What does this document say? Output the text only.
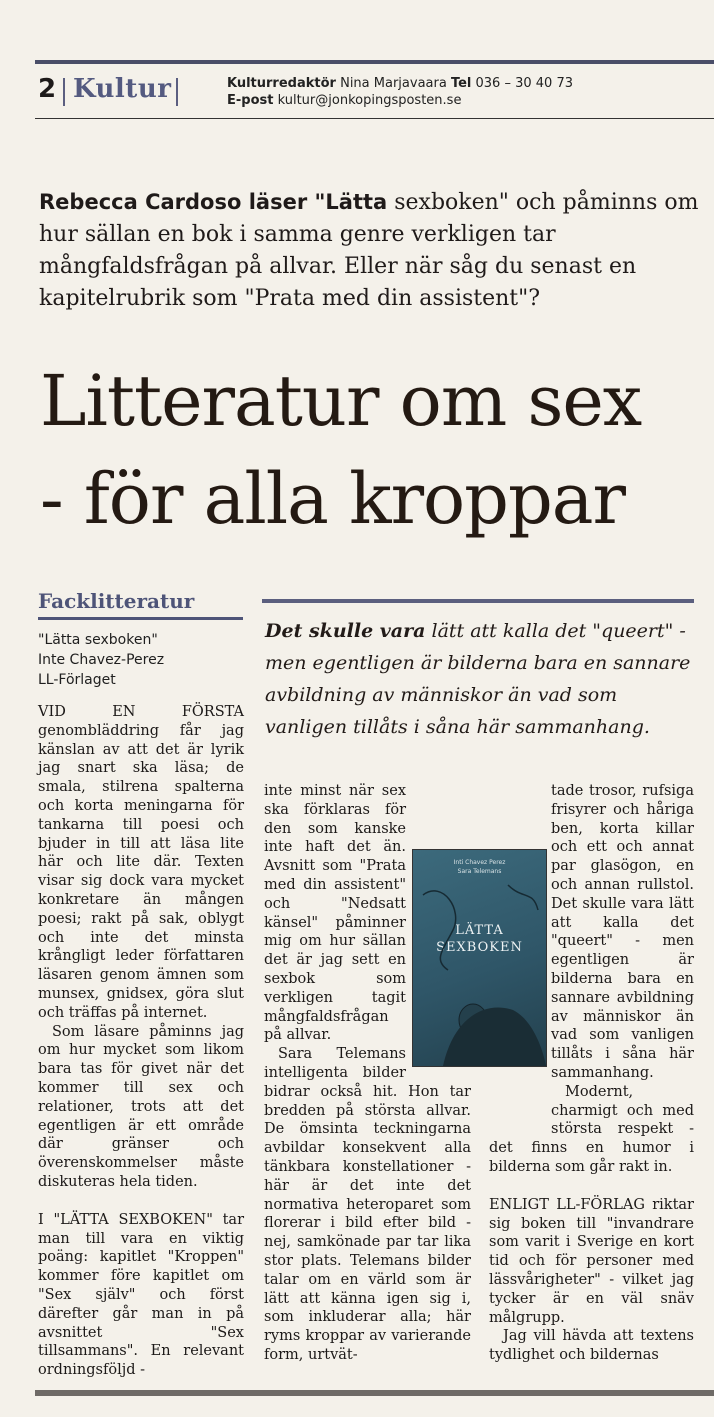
2 Kultur	Kulturredaktör Nina Marjavaara Tel 036 – 30 40 73
E-post kultur@jonkopingsposten.se
Rebecca Cardoso läser "Lätta sexboken" och påminns om hur sällan en bok i samma genre verkligen tar mångfaldsfrågan på allvar. Eller när såg du senast en kapitelrubrik som "Prata med din assistent"?
Litteratur om sex
- för alla kroppar
Facklitteratur
"Lätta sexboken"
Inte Chavez-Perez
LL-Förlaget
Det skulle vara lätt att kalla det "queert" - men egentligen är bilderna bara en sannare avbildning av människor än vad som vanligen tillåts i såna här sammanhang.

VID EN FÖRSTA genombläddring får jag känslan av att det är lyrik jag snart ska läsa; de smala, stilrena spalterna och korta meningarna för tankarna till poesi och bjuder in till att läsa lite här och lite där. Texten visar sig dock vara mycket konkretare än mången poesi; rakt på sak, oblygt och inte det minsta krångligt leder författaren läsaren genom ämnen som munsex, gnidsex, göra slut och träffas på internet.

Som läsare påminns jag om hur mycket som likom bara tas för givet när det kommer till sex och relationer, trots att det egentligen är ett område där gränser och överenskommelser måste diskuteras hela tiden.

I "LÄTTA SEXBOKEN" tar man till vara en viktig poäng: kapitlet "Kroppen" kommer före kapitlet om "Sex själv" och först därefter går man in på avsnittet "Sex tillsammans". En relevant ordningsföljd -

inte minst när sex ska förklaras för den som kanske inte haft det än. Avsnitt som "Prata med din assistent" och "Nedsatt känsel" påminner mig om hur sällan det är jag sett en sexbok som verkligen tagit mångfaldsfrågan på allvar.

Sara Telemans intelligenta bilder bidrar också hit. Hon tar bredden på största allvar. De ömsinta teckningarna avbildar konsekvent alla tänkbara konstellationer - här är det inte det normativa heteroparet som florerar i bild efter bild - nej, samkönade par tar lika stor plats. Telemans bilder talar om en värld som är lätt att känna igen sig i, som inkluderar alla; här ryms kroppar av varierande form, urtvät-

Inti Chavez Perez
Sara Telemans
LÄTTA
SEXBOKEN

tade trosor, rufsiga frisyrer och håriga ben, korta killar och ett och annat par glasögon, en och annan rullstol. Det skulle vara lätt att kalla det "queert" - men egentligen är bilderna bara en sannare avbildning av människor än vad som vanligen tillåts i såna här sammanhang.

Modernt, charmigt och med största respekt - det finns en humor i bilderna som går rakt in.

ENLIGT LL-FÖRLAG riktar sig boken till "invandrare som varit i Sverige en kort tid och för personer med lässvårigheter" - vilket jag tycker är en väl snäv målgrupp.

Jag vill hävda att textens tydlighet och bildernas
